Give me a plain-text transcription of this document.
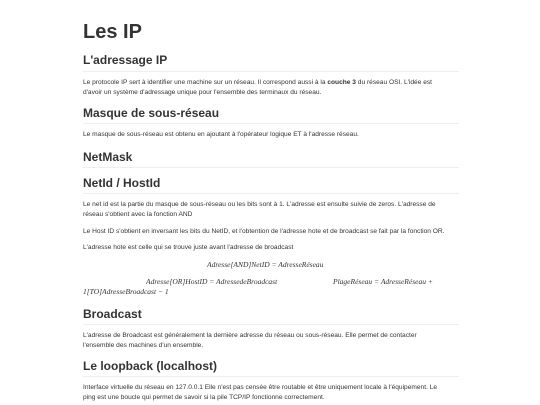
Les IP
L'adressage IP

Le protocole IP sert à identifier une machine sur un réseau. Il correspond aussi à la couche 3 du réseau OSI. L'idée est
d'avoir un système d'adressage unique pour l'ensemble des terminaux du réseau.

Masque de sous-réseau

Le masque de sous-réseau est obtenu en ajoutant à l'opérateur logique ET à l'adresse réseau.

NetMask
NetId / HostId

Le net id est la partie du masque de sous-réseau ou les bits sont à 1. L'adresse est ensulte suivie de zeros. L'adresse de
réseau s'obtient avec la fonction AND

Le Host ID s'obtient en inversant les bits du NetID, et l'obtention de l'adresse hote et de broadcast se fait par la fonction OR.

L'adresse hote est celle qui se trouve juste avant l'adresse de broadcast

Adresse[AND]NetID = AdresseRéseau
Adresse[OR]HostID = AdressedeBroadcast	PlageRéseau = AdresseRéseau +
1[TO]AdresseBroadcast − 1
Broadcast

L'adresse de Broadcast est généralement la dernière adresse du réseau ou sous-réseau. Elle permet de contacter
l'ensemble des machines d'un ensemble.

Le loopback (localhost)

Interface virtuelle du réseau en 127.0.0.1 Elle n'est pas censée être routable et être uniquement locale à l'équipement. Le
ping est une boucle qui permet de savoir si la pile TCP/IP fonctionne correctement.
